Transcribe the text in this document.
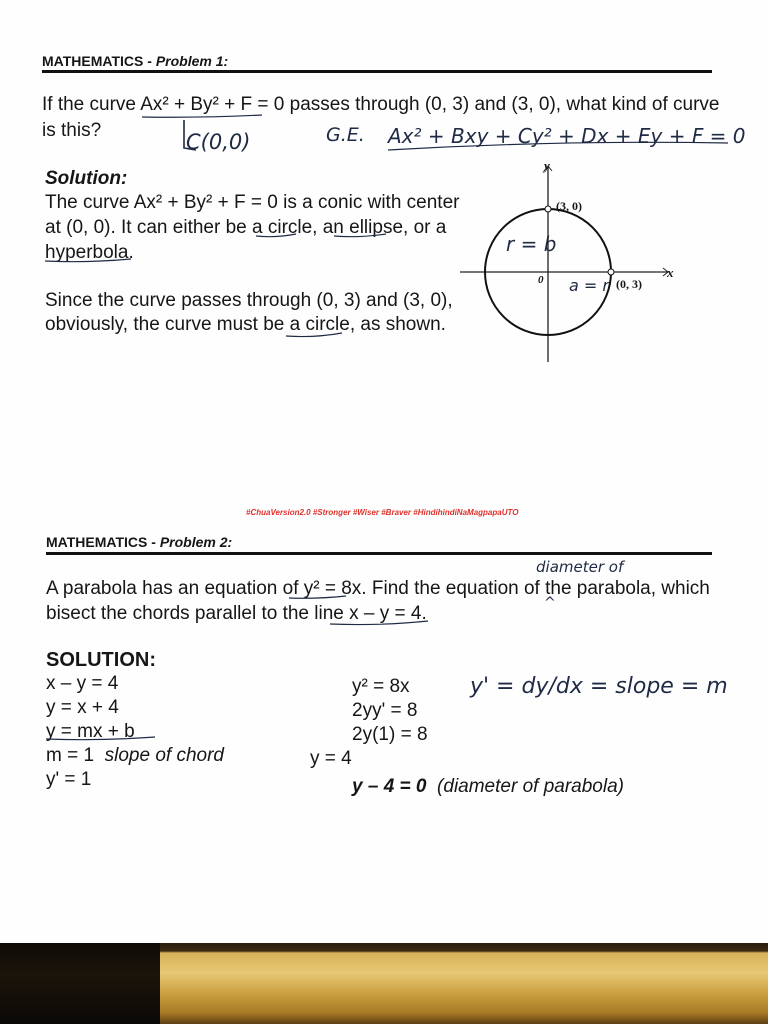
MATHEMATICS - Problem 1:
If the curve Ax² + By² + F = 0 passes through (0, 3) and (3, 0), what kind of curve
is this?	C(0,0)	G.E. Ax² + Bxy + Cy² + Dx + Ey + F = 0
Solution:
The curve Ax² + By² + F = 0 is a conic with center
at (0, 0). It can either be a circle, an ellipse, or a
hyperbola.
Since the curve passes through (0, 3) and (3, 0),
obviously, the curve must be a circle, as shown.
y
x
0
(3, 0)
(0, 3)
r = b
a = r
#ChuaVersion2.0 #Stronger #Wiser #Braver #HindihindiNaMagpapaUTO
MATHEMATICS - Problem 2:
diameter of
^
A parabola has an equation of y² = 8x. Find the equation of the parabola, which
bisect the chords parallel to the line x – y = 4.
SOLUTION:
x – y = 4
y = x + 4
y = mx + b
m = 1 slope of chord
y' = 1
y² = 8x
2yy' = 8
2y(1) = 8
y = 4
y – 4 = 0 (diameter of parabola)
y' = dy/dx = slope = m
